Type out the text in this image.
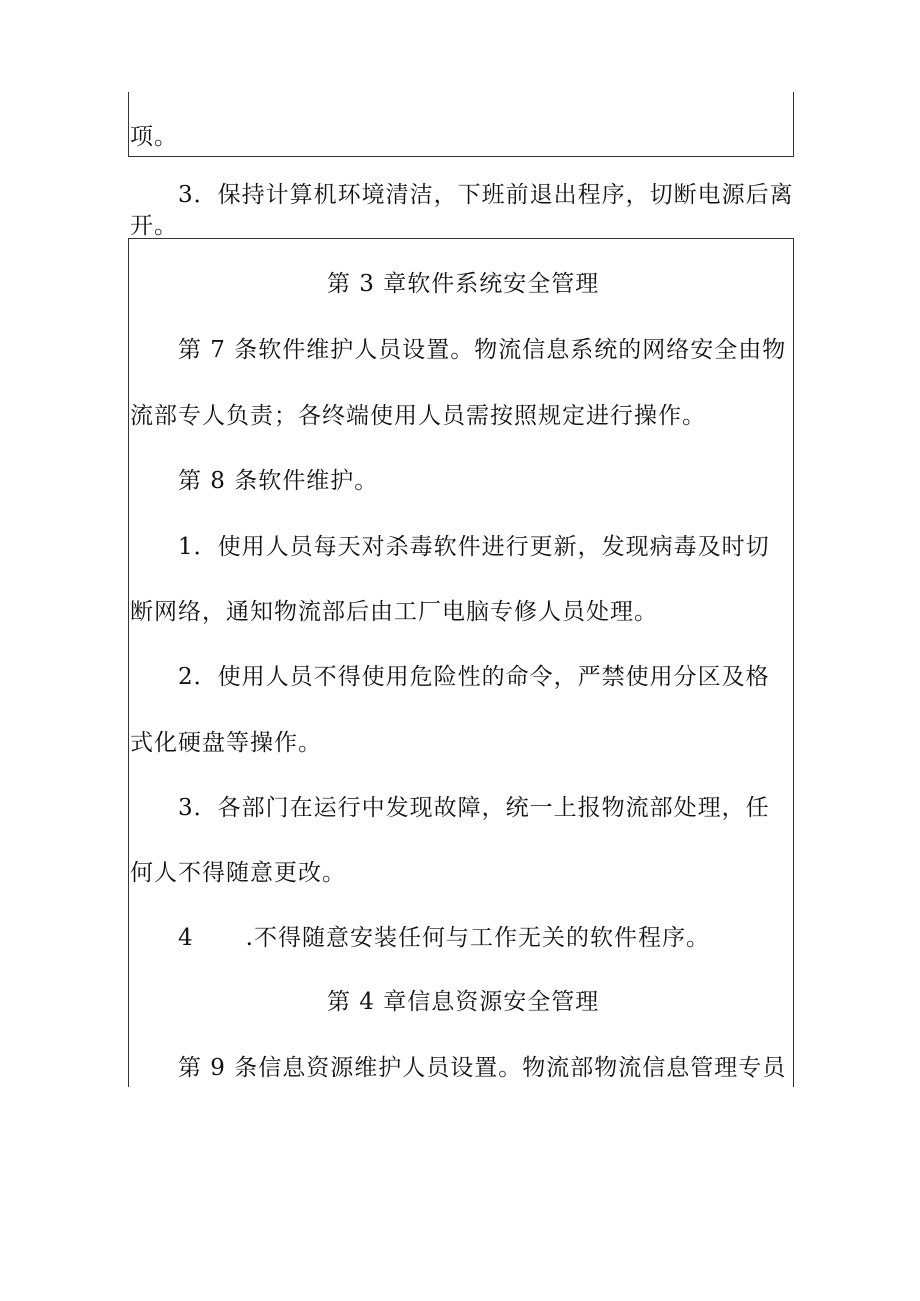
项。
3．保持计算机环境清洁，下班前退出程序，切断电源后离
开。
第 3 章软件系统安全管理
第 7 条软件维护人员设置。物流信息系统的网络安全由物
流部专人负责；各终端使用人员需按照规定进行操作。
第 8 条软件维护。
1．使用人员每天对杀毒软件进行更新，发现病毒及时切
断网络，通知物流部后由工厂电脑专修人员处理。
2．使用人员不得使用危险性的命令，严禁使用分区及格
式化硬盘等操作。
3．各部门在运行中发现故障，统一上报物流部处理，任
何人不得随意更改。
4 .不得随意安装任何与工作无关的软件程序。
第 4 章信息资源安全管理
第 9 条信息资源维护人员设置。物流部物流信息管理专员
